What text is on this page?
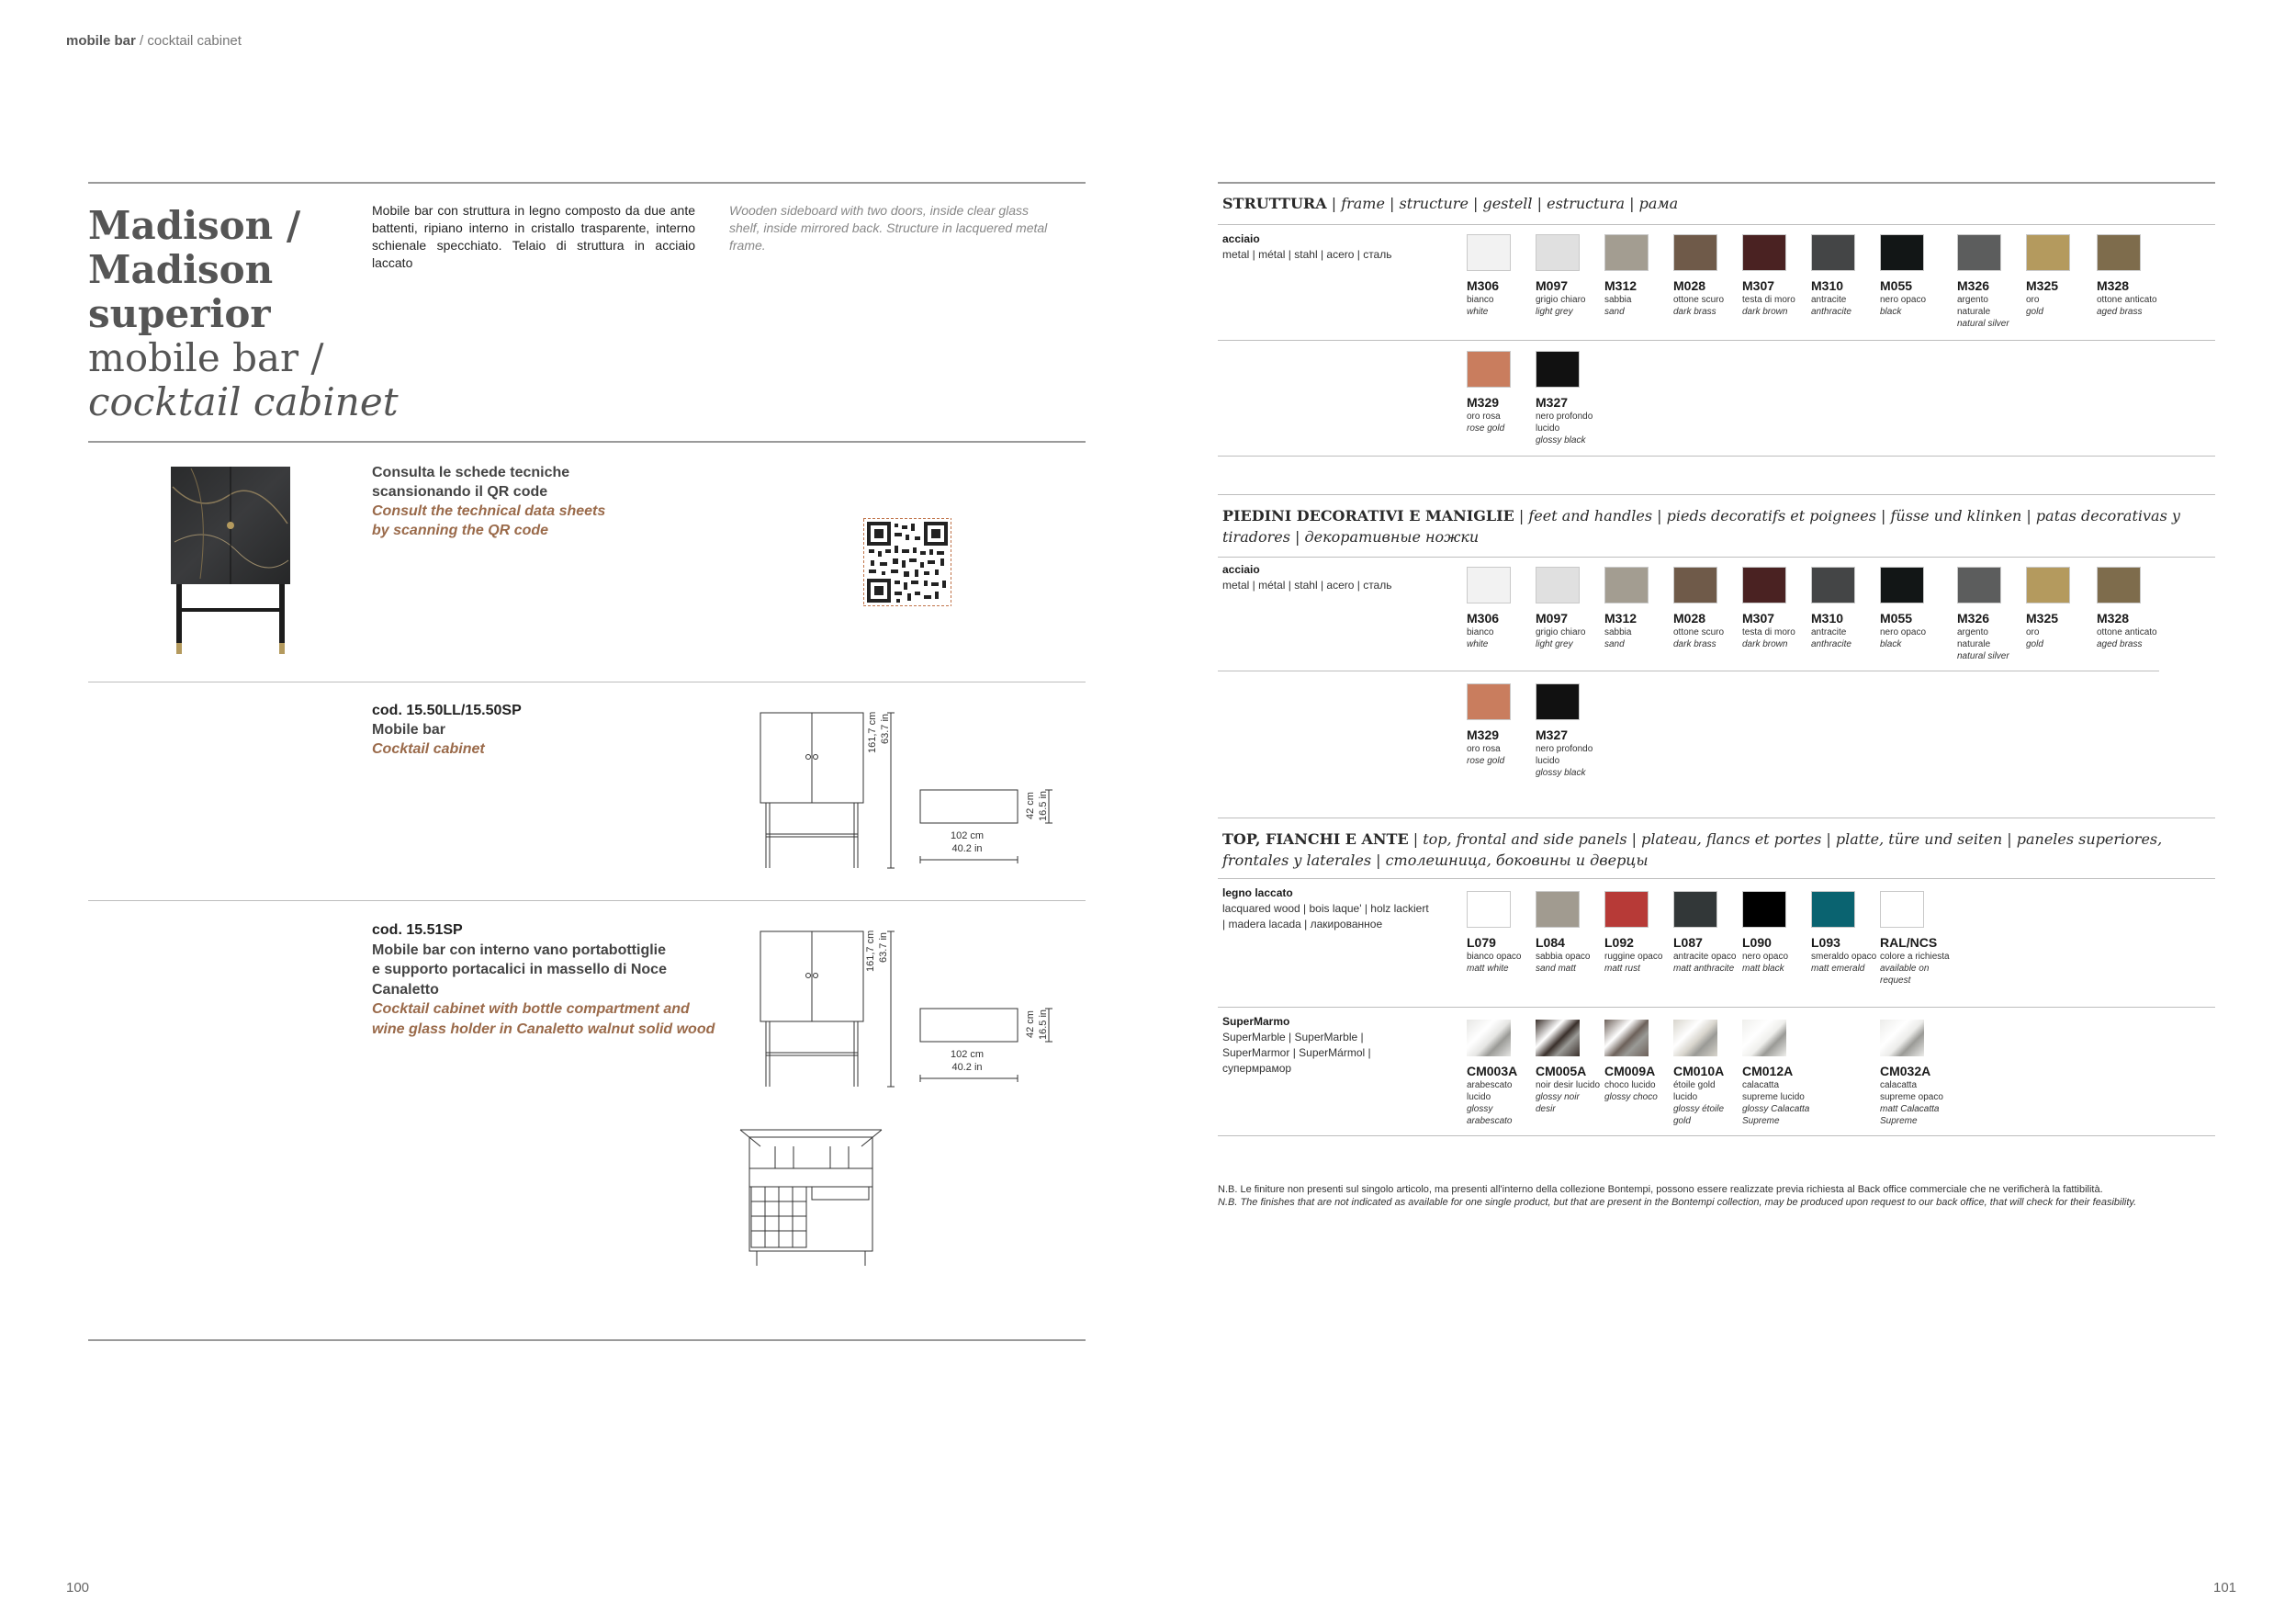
mobile bar / cocktail cabinet
Madison /
Madison
superior
mobile bar /
cocktail cabinet
Mobile bar con struttura in legno composto da due ante battenti, ripiano interno in cristallo trasparente, interno schienale specchiato. Telaio di struttura in acciaio laccato
Wooden sideboard with two doors, inside clear glass shelf, inside mirrored back. Structure in lacquered metal frame.
Consulta le schede tecniche
scansionando il QR code
Consult the technical data sheets
by scanning the QR code
cod. 15.50LL/15.50SP
Mobile bar
Cocktail cabinet	161,7 cm 63.7 in
42 cm 16.5 in
102 cm
40.2 in
cod. 15.51SP
Mobile bar con interno vano portabottiglie
e supporto portacalici in massello di Noce
Canaletto
Cocktail cabinet with bottle compartment and
wine glass holder in Canaletto walnut solid wood
161,7 cm 63.7 in
42 cm 16.5 in
102 cm
40.2 in
100
STRUTTURA | frame | structure | gestell | estructura | рама
acciaio
metal | métal | stahl | acero | сталь
M306
bianco
white
M097
grigio chiaro
light grey
M312
sabbia
sand
M028
ottone scuro
dark brass
M307
testa di moro
dark brown
M310
antracite
anthracite
M055
nero opaco
black
M326
argento
naturale
natural silver
M325
oro
gold
M328
ottone anticato
aged brass
M329
oro rosa
rose gold
M327
nero profondo
lucido
glossy black
PIEDINI DECORATIVI E MANIGLIE | feet and handles | pieds decoratifs et poignees | füsse und klinken | patas decorativas y tiradores | декоративные ножки
acciaio
metal | métal | stahl | acero | сталь
M306
bianco
white
M097
grigio chiaro
light grey
M312
sabbia
sand
M028
ottone scuro
dark brass
M307
testa di moro
dark brown
M310
antracite
anthracite
M055
nero opaco
black
M326
argento
naturale
natural silver
M325
oro
gold
M328
ottone anticato
aged brass
M329
oro rosa
rose gold
M327
nero profondo
lucido
glossy black
TOP, FIANCHI E ANTE | top, frontal and side panels | plateau, flancs et portes | platte, türe und seiten | paneles superiores, frontales y laterales | столешница, боковины и дверцы
legno laccato
lacquared wood | bois laque' | holz lackiert
| madera lacada | лакированное
L079
bianco opaco
matt white
L084
sabbia opaco
sand matt
L092
ruggine opaco
matt rust
L087
antracite opaco
matt anthracite
L090
nero opaco
matt black
L093
smeraldo opaco
matt emerald
RAL/NCS
colore a richiesta
available on
request
SuperMarmo
SuperMarble | SuperMarble |
SuperMarmor | SuperMármol |
супермрамор	CM003A
arabescato
lucido
glossy
arabescato
CM005A
noir desir lucido
glossy noir
desir
CM009A
choco lucido
glossy choco
CM010A
étoile gold
lucido
glossy étoile
gold
CM012A
calacatta
supreme lucido
glossy Calacatta
Supreme
CM032A
calacatta
supreme opaco
matt Calacatta
Supreme
N.B. Le finiture non presenti sul singolo articolo, ma presenti all'interno della collezione Bontempi, possono essere realizzate previa richiesta al Back office commerciale che ne verificherà la fattibilità.
N.B. The finishes that are not indicated as available for one single product, but that are present in the Bontempi collection, may be produced upon request to our back office, that will check for their feasibility.
101
